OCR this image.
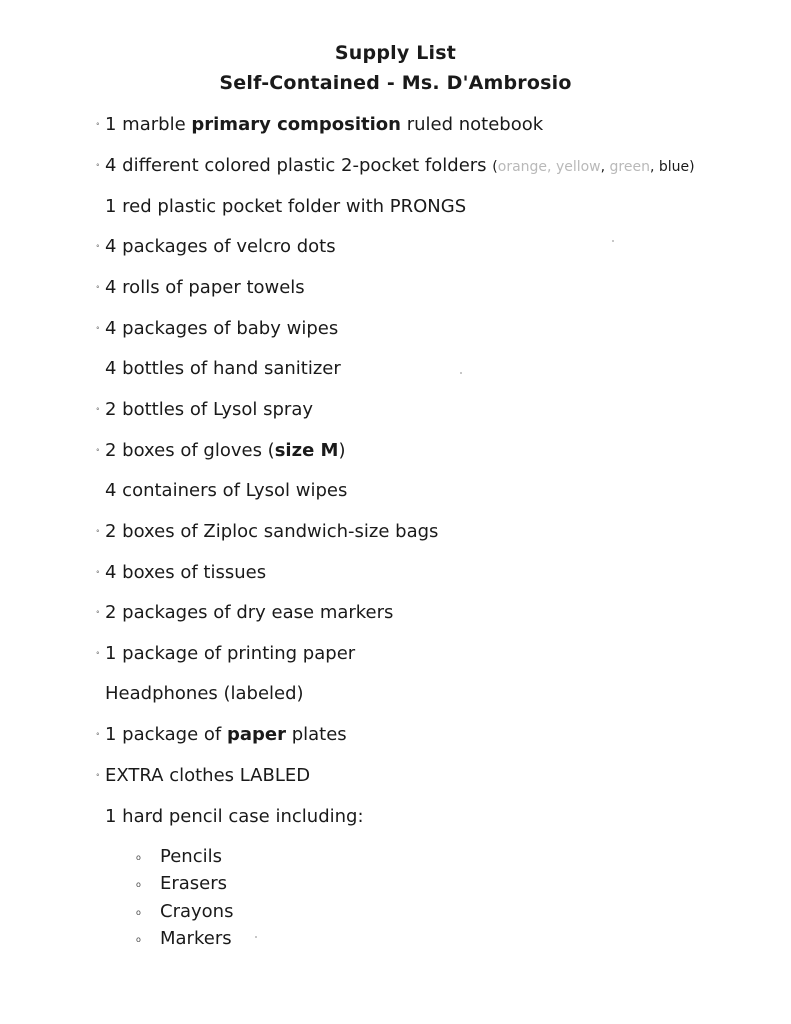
Supply List
Self-Contained - Ms. D'Ambrosio
° 1 marble primary composition ruled notebook
° 4 different colored plastic 2-pocket folders (orange, yellow, green, blue)
1 red plastic pocket folder with PRONGS
° 4 packages of velcro dots
° 4 rolls of paper towels
° 4 packages of baby wipes
4 bottles of hand sanitizer
° 2 bottles of Lysol spray
° 2 boxes of gloves (size M)
4 containers of Lysol wipes
° 2 boxes of Ziploc sandwich-size bags
° 4 boxes of tissues
° 2 packages of dry ease markers
° 1 package of printing paper
Headphones (labeled)
° 1 package of paper plates
° EXTRA clothes LABLED
1 hard pencil case including:
o Pencils
o Erasers
o Crayons
o Markers
